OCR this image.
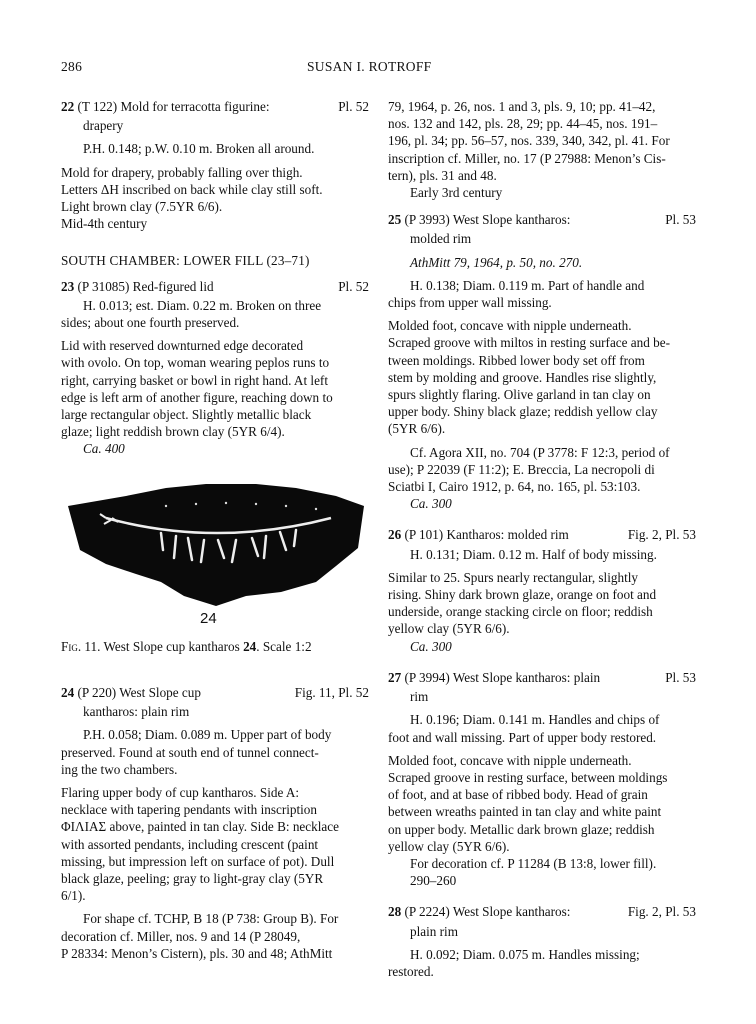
286	SUSAN I. ROTROFF
22 (T 122) Mold for terracotta figurine:	Pl. 52

drapery

P.H. 0.148; p.W. 0.10 m. Broken all around.

Mold for drapery, probably falling over thigh.

Letters ΔH inscribed on back while clay still soft.

Light brown clay (7.5YR 6/6).

Mid-4th century

SOUTH CHAMBER: LOWER FILL (23–71)

23 (P 31085) Red-figured lid	Pl. 52

H. 0.013; est. Diam. 0.22 m. Broken on three

sides; about one fourth preserved.

Lid with reserved downturned edge decorated

with ovolo. On top, woman wearing peplos runs to

right, carrying basket or bowl in right hand. At left

edge is left arm of another figure, reaching down to

large rectangular object. Slightly metallic black

glaze; light reddish brown clay (5YR 6/4).

Ca. 400

24
Fig. 11. West Slope cup kantharos 24. Scale 1:2
24 (P 220) West Slope cup	Fig. 11, Pl. 52

kantharos: plain rim

P.H. 0.058; Diam. 0.089 m. Upper part of body

preserved. Found at south end of tunnel connect-

ing the two chambers.

Flaring upper body of cup kantharos. Side A:

necklace with tapering pendants with inscription

ΦΙΛΙΑΣ above, painted in tan clay. Side B: necklace

with assorted pendants, including crescent (paint

missing, but impression left on surface of pot). Dull

black glaze, peeling; gray to light-gray clay (5YR

6/1).

For shape cf. TCHP, B 18 (P 738: Group B). For

decoration cf. Miller, nos. 9 and 14 (P 28049,

P 28334: Menon’s Cistern), pls. 30 and 48; AthMitt

79, 1964, p. 26, nos. 1 and 3, pls. 9, 10; pp. 41–42,

nos. 132 and 142, pls. 28, 29; pp. 44–45, nos. 191–

196, pl. 34; pp. 56–57, nos. 339, 340, 342, pl. 41. For

inscription cf. Miller, no. 17 (P 27988: Menon’s Cis-

tern), pls. 31 and 48.

Early 3rd century

25 (P 3993) West Slope kantharos:	Pl. 53

molded rim

AthMitt 79, 1964, p. 50, no. 270.

H. 0.138; Diam. 0.119 m. Part of handle and

chips from upper wall missing.

Molded foot, concave with nipple underneath.

Scraped groove with miltos in resting surface and be-

tween moldings. Ribbed lower body set off from

stem by molding and groove. Handles rise slightly,

spurs slightly flaring. Olive garland in tan clay on

upper body. Shiny black glaze; reddish yellow clay

(5YR 6/6).

Cf. Agora XII, no. 704 (P 3778: F 12:3, period of

use); P 22039 (F 11:2); E. Breccia, La necropoli di

Sciatbi I, Cairo 1912, p. 64, no. 165, pl. 53:103.

Ca. 300

26 (P 101) Kantharos: molded rim	Fig. 2, Pl. 53

H. 0.131; Diam. 0.12 m. Half of body missing.

Similar to 25. Spurs nearly rectangular, slightly

rising. Shiny dark brown glaze, orange on foot and

underside, orange stacking circle on floor; reddish

yellow clay (5YR 6/6).

Ca. 300

27 (P 3994) West Slope kantharos: plain	Pl. 53

rim

H. 0.196; Diam. 0.141 m. Handles and chips of

foot and wall missing. Part of upper body restored.

Molded foot, concave with nipple underneath.

Scraped groove in resting surface, between moldings

of foot, and at base of ribbed body. Head of grain

between wreaths painted in tan clay and white paint

on upper body. Metallic dark brown glaze; reddish

yellow clay (5YR 6/6).

For decoration cf. P 11284 (B 13:8, lower fill).

290–260

28 (P 2224) West Slope kantharos:	Fig. 2, Pl. 53

plain rim

H. 0.092; Diam. 0.075 m. Handles missing;

restored.
